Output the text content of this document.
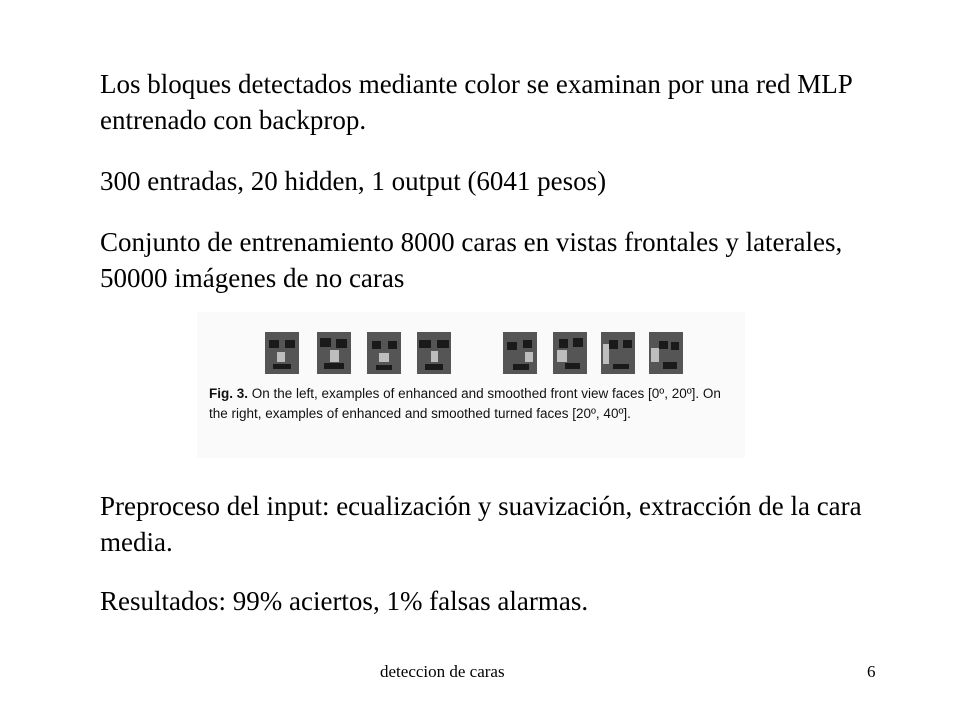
Los bloques detectados mediante color se examinan por una red MLP entrenado con backprop.

300 entradas, 20 hidden, 1 output (6041 pesos)

Conjunto de entrenamiento 8000 caras en vistas frontales y laterales, 50000 imágenes de no caras

Fig. 3. On the left, examples of enhanced and smoothed front view faces [0º, 20º]. On the right, examples of enhanced and smoothed turned faces [20º, 40º].

Preproceso del input: ecualización y suavización, extracción de la cara media.

Resultados: 99% aciertos, 1% falsas alarmas.

deteccion de caras	6
